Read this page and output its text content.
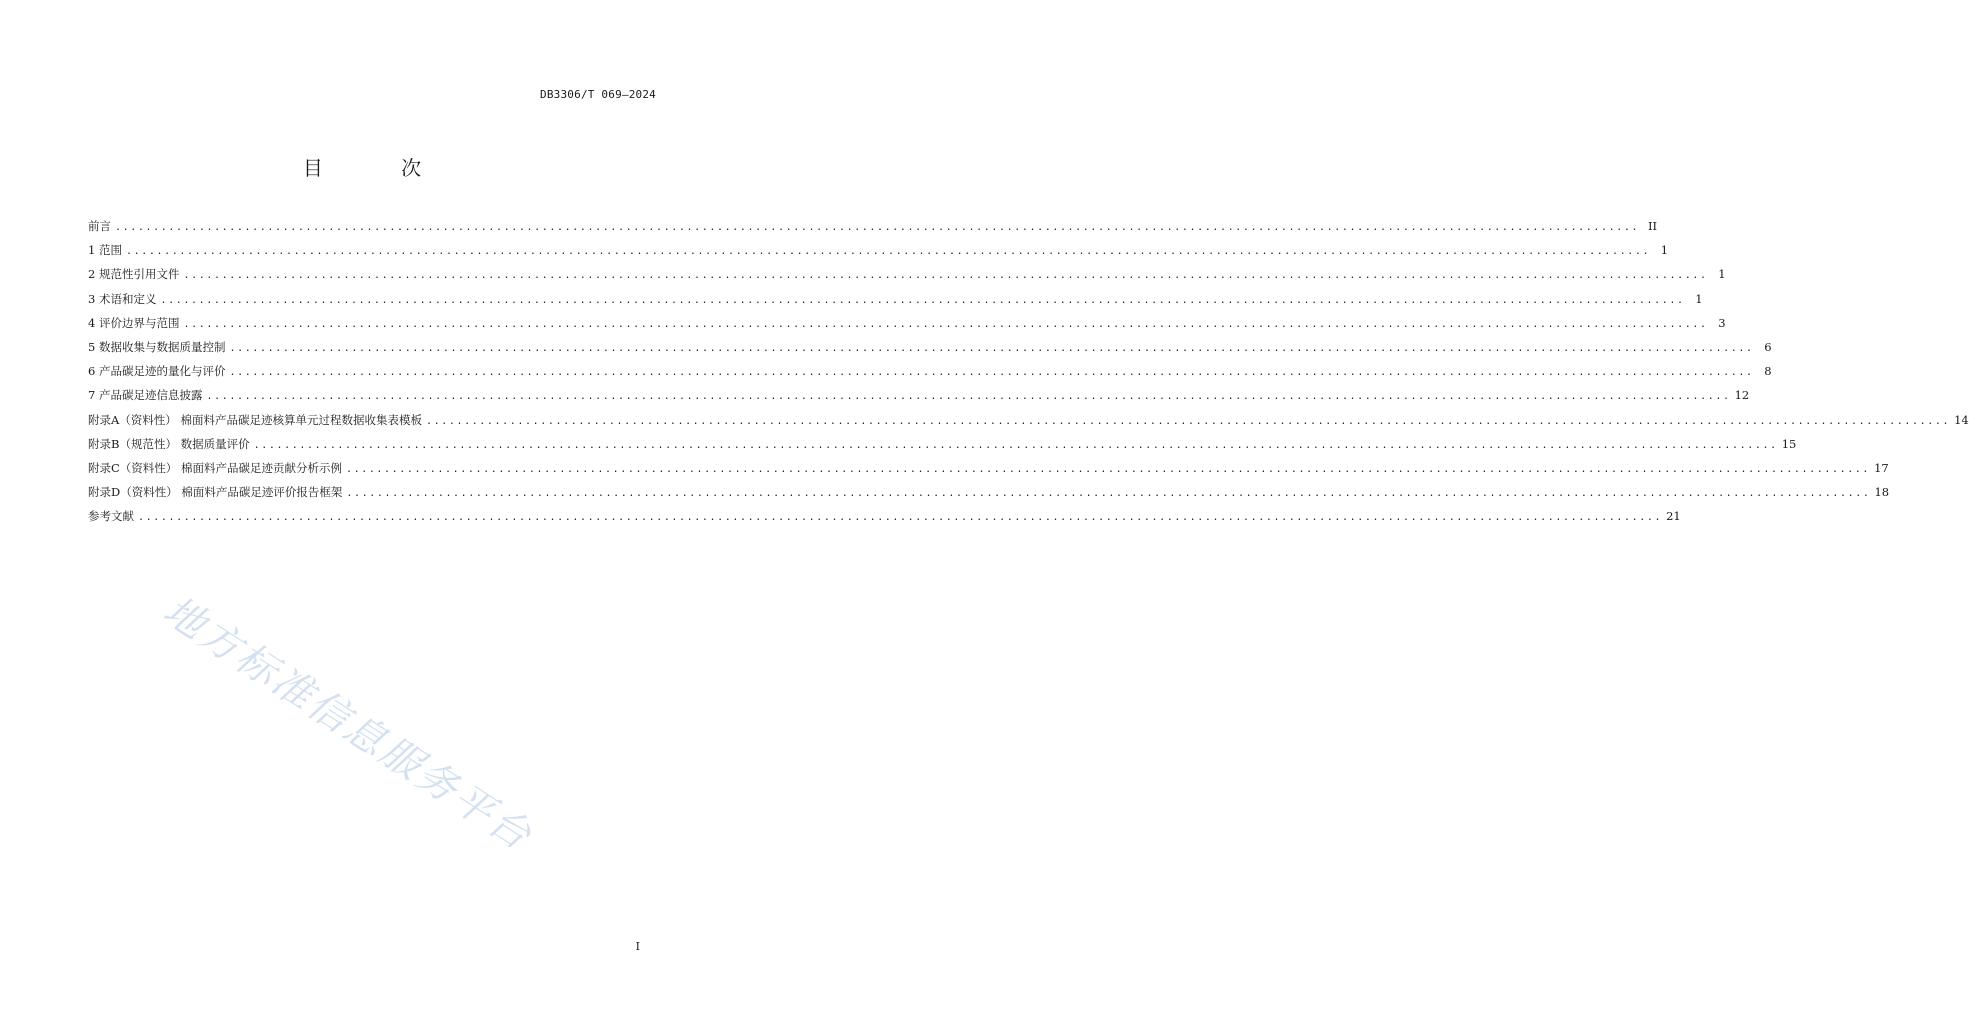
DB3306/T 069—2024
目 次
前言 ........................................................................................................................................................................................................ II
1 范围 ........................................................................................................................................................................................................ 1
2 规范性引用文件 ........................................................................................................................................................................................................ 1
3 术语和定义 ........................................................................................................................................................................................................ 1
4 评价边界与范围 ........................................................................................................................................................................................................ 3
5 数据收集与数据质量控制 ........................................................................................................................................................................................................ 6
6 产品碳足迹的量化与评价 ........................................................................................................................................................................................................ 8
7 产品碳足迹信息披露 ........................................................................................................................................................................................................ 12
附录A（资料性） 棉面料产品碳足迹核算单元过程数据收集表模板 ........................................................................................................................................................................................................ 14
附录B（规范性） 数据质量评价 ........................................................................................................................................................................................................ 15
附录C（资料性） 棉面料产品碳足迹贡献分析示例 ........................................................................................................................................................................................................ 17
附录D（资料性） 棉面料产品碳足迹评价报告框架 ........................................................................................................................................................................................................ 18
参考文献 ........................................................................................................................................................................................................ 21
地方标准信息服务平台
I
